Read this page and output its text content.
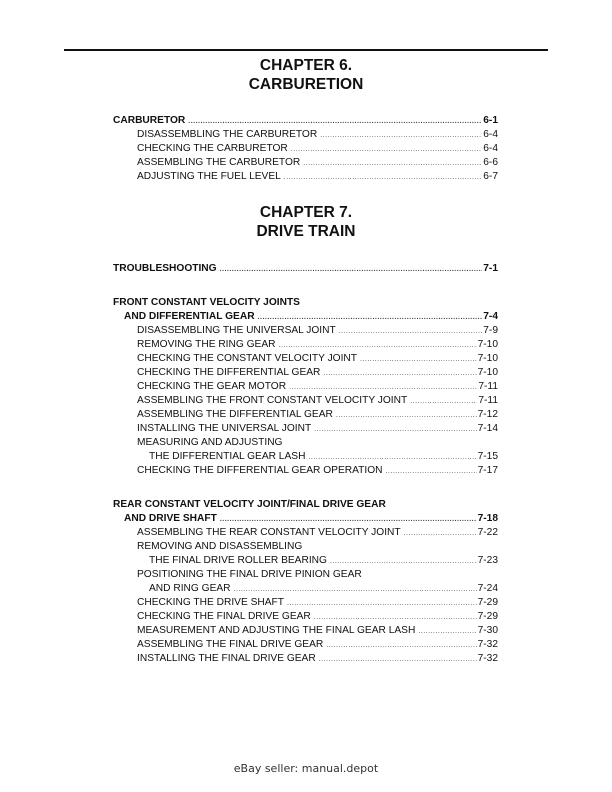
CHAPTER 6.
CARBURETION
CARBURETOR .....	6-1
DISASSEMBLING THE CARBURETOR .....	6-4
CHECKING THE CARBURETOR .....	6-4
ASSEMBLING THE CARBURETOR .....	6-6
ADJUSTING THE FUEL LEVEL .....	6-7
CHAPTER 7.
DRIVE TRAIN
TROUBLESHOOTING .....	7-1
FRONT CONSTANT VELOCITY JOINTS
AND DIFFERENTIAL GEAR .....	7-4
DISASSEMBLING THE UNIVERSAL JOINT .....	7-9
REMOVING THE RING GEAR .....	7-10
CHECKING THE CONSTANT VELOCITY JOINT .....	7-10
CHECKING THE DIFFERENTIAL GEAR .....	7-10
CHECKING THE GEAR MOTOR .....	7-11
ASSEMBLING THE FRONT CONSTANT VELOCITY JOINT .....	7-11
ASSEMBLING THE DIFFERENTIAL GEAR .....	7-12
INSTALLING THE UNIVERSAL JOINT .....	7-14
MEASURING AND ADJUSTING
THE DIFFERENTIAL GEAR LASH .....	7-15
CHECKING THE DIFFERENTIAL GEAR OPERATION .....	7-17
REAR CONSTANT VELOCITY JOINT/FINAL DRIVE GEAR
AND DRIVE SHAFT .....	7-18
ASSEMBLING THE REAR CONSTANT VELOCITY JOINT .....	7-22
REMOVING AND DISASSEMBLING
THE FINAL DRIVE ROLLER BEARING .....	7-23
POSITIONING THE FINAL DRIVE PINION GEAR
AND RING GEAR .....	7-24
CHECKING THE DRIVE SHAFT .....	7-29
CHECKING THE FINAL DRIVE GEAR .....	7-29
MEASUREMENT AND ADJUSTING THE FINAL GEAR LASH .....	7-30
ASSEMBLING THE FINAL DRIVE GEAR .....	7-32
INSTALLING THE FINAL DRIVE GEAR .....	7-32
eBay seller: manual.depot
